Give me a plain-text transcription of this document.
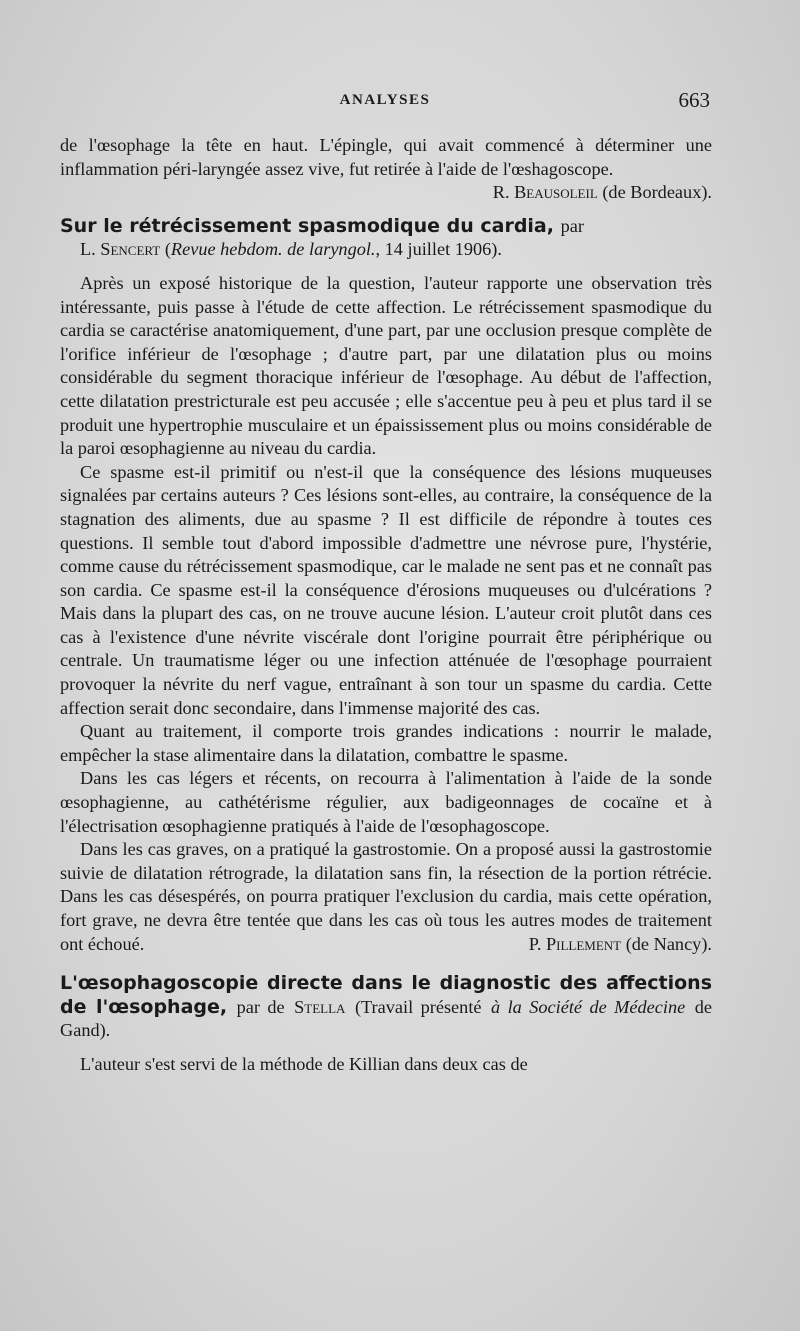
ANALYSES	663

de l'œsophage la tête en haut. L'épingle, qui avait commencé à déterminer une inflammation péri-laryngée assez vive, fut retirée à l'aide de l'œshagoscope.
R. Beausoleil (de Bordeaux).

Sur le rétrécissement spasmodique du cardia, par

L. Sencert (Revue hebdom. de laryngol., 14 juillet 1906).

Après un exposé historique de la question, l'auteur rapporte une observation très intéressante, puis passe à l'étude de cette affection. Le rétrécissement spasmodique du cardia se caractérise anatomiquement, d'une part, par une occlusion presque complète de l'orifice inférieur de l'œsophage ; d'autre part, par une dilatation plus ou moins considérable du segment thoracique inférieur de l'œsophage. Au début de l'affection, cette dilatation prestricturale est peu accusée ; elle s'accentue peu à peu et plus tard il se produit une hypertrophie musculaire et un épaississement plus ou moins considérable de la paroi œsophagienne au niveau du cardia.

Ce spasme est-il primitif ou n'est-il que la conséquence des lésions muqueuses signalées par certains auteurs ? Ces lésions sont-elles, au contraire, la conséquence de la stagnation des aliments, due au spasme ? Il est difficile de répondre à toutes ces questions. Il semble tout d'abord impossible d'admettre une névrose pure, l'hystérie, comme cause du rétrécissement spasmodique, car le malade ne sent pas et ne connaît pas son cardia. Ce spasme est-il la conséquence d'érosions muqueuses ou d'ulcérations ? Mais dans la plupart des cas, on ne trouve aucune lésion. L'auteur croit plutôt dans ces cas à l'existence d'une névrite viscérale dont l'origine pourrait être périphérique ou centrale. Un traumatisme léger ou une infection atténuée de l'œsophage pourraient provoquer la névrite du nerf vague, entraînant à son tour un spasme du cardia. Cette affection serait donc secondaire, dans l'immense majorité des cas.

Quant au traitement, il comporte trois grandes indications : nourrir le malade, empêcher la stase alimentaire dans la dilatation, combattre le spasme.

Dans les cas légers et récents, on recourra à l'alimentation à l'aide de la sonde œsophagienne, au cathétérisme régulier, aux badigeonnages de cocaïne et à l'électrisation œsophagienne pratiqués à l'aide de l'œsophagoscope.

Dans les cas graves, on a pratiqué la gastrostomie. On a proposé aussi la gastrostomie suivie de dilatation rétrograde, la dilatation sans fin, la résection de la portion rétrécie. Dans les cas désespérés, on pourra pratiquer l'exclusion du cardia, mais cette opération, fort grave, ne devra être tentée que dans les cas où tous les autres modes de traitement ont échoué.	P. Pillement (de Nancy).

L'œsophagoscopie directe dans le diagnostic des affections de l'œsophage, par de Stella (Travail présenté à la Société de Médecine de Gand).

L'auteur s'est servi de la méthode de Killian dans deux cas de
